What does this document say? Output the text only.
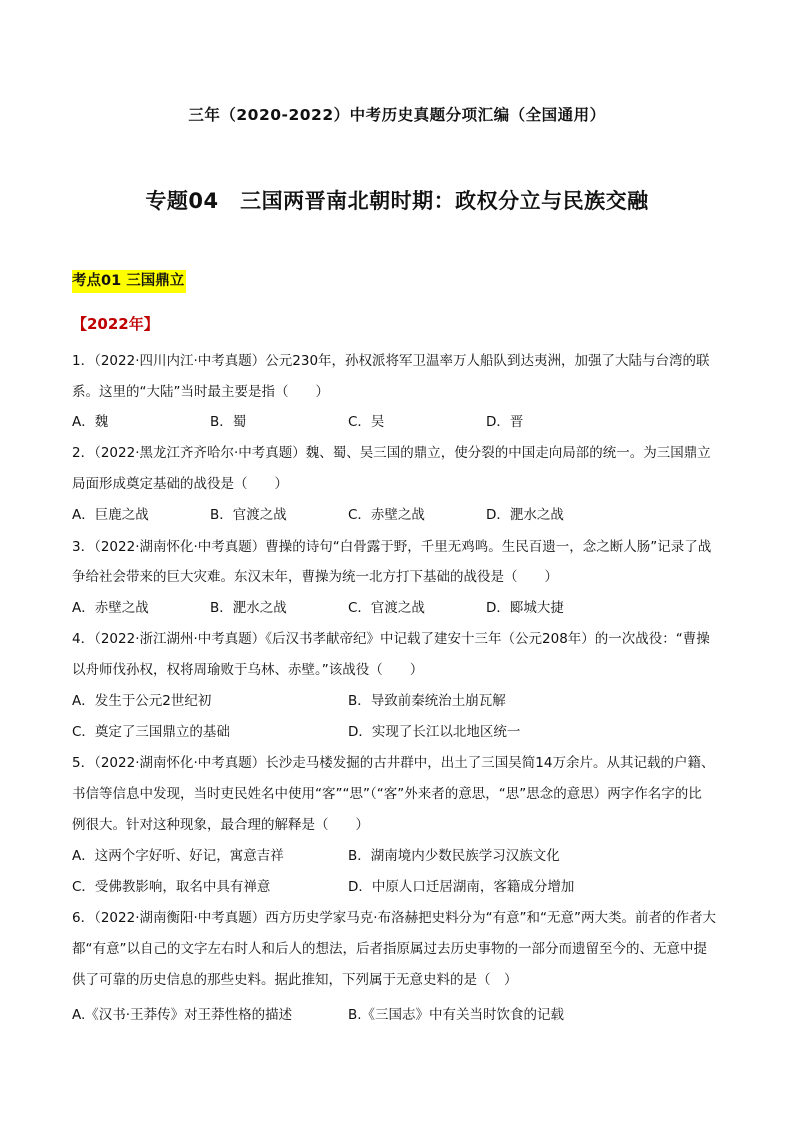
三年（2020-2022）中考历史真题分项汇编（全国通用）
专题04　三国两晋南北朝时期：政权分立与民族交融
考点01 三国鼎立
【2022年】
1．（2022·四川内江·中考真题）公元230年，孙权派将军卫温率万人船队到达夷洲，加强了大陆与台湾的联
系。这里的“大陆”当时最主要是指（　　）
A．魏	B．蜀	C．吴	D．晋
2．（2022·黑龙江齐齐哈尔·中考真题）魏、蜀、吴三国的鼎立，使分裂的中国走向局部的统一。为三国鼎立
局面形成奠定基础的战役是（　　）
A．巨鹿之战	B．官渡之战	C．赤壁之战	D．淝水之战
3．（2022·湖南怀化·中考真题）曹操的诗句“白骨露于野，千里无鸡鸣。生民百遗一，念之断人肠”记录了战
争给社会带来的巨大灾难。东汉末年，曹操为统一北方打下基础的战役是（　　）
A．赤壁之战	B．淝水之战	C．官渡之战	D．郾城大捷
4．（2022·浙江湖州·中考真题）《后汉书孝献帝纪》中记载了建安十三年（公元208年）的一次战役：“曹操
以舟师伐孙权，权将周瑜败于乌林、赤壁。”该战役（　　）
A．发生于公元2世纪初	B．导致前秦统治土崩瓦解
C．奠定了三国鼎立的基础	D．实现了长江以北地区统一
5．（2022·湖南怀化·中考真题）长沙走马楼发掘的古井群中，出土了三国吴简14万余片。从其记载的户籍、
书信等信息中发现，当时吏民姓名中使用“客”“思”（“客”外来者的意思，“思”思念的意思）两字作名字的比
例很大。针对这种现象，最合理的解释是（　　）
A．这两个字好听、好记，寓意吉祥	B．湖南境内少数民族学习汉族文化
C．受佛教影响，取名中具有禅意	D．中原人口迁居湖南，客籍成分增加
6．（2022·湖南衡阳·中考真题）西方历史学家马克·布洛赫把史料分为“有意”和“无意”两大类。前者的作者大
都“有意”以自己的文字左右时人和后人的想法，后者指原属过去历史事物的一部分而遗留至今的、无意中提
供了可靠的历史信息的那些史料。据此推知，下列属于无意史料的是（　）
A.《汉书·王莽传》对王莽性格的描述	B.《三国志》中有关当时饮食的记载
